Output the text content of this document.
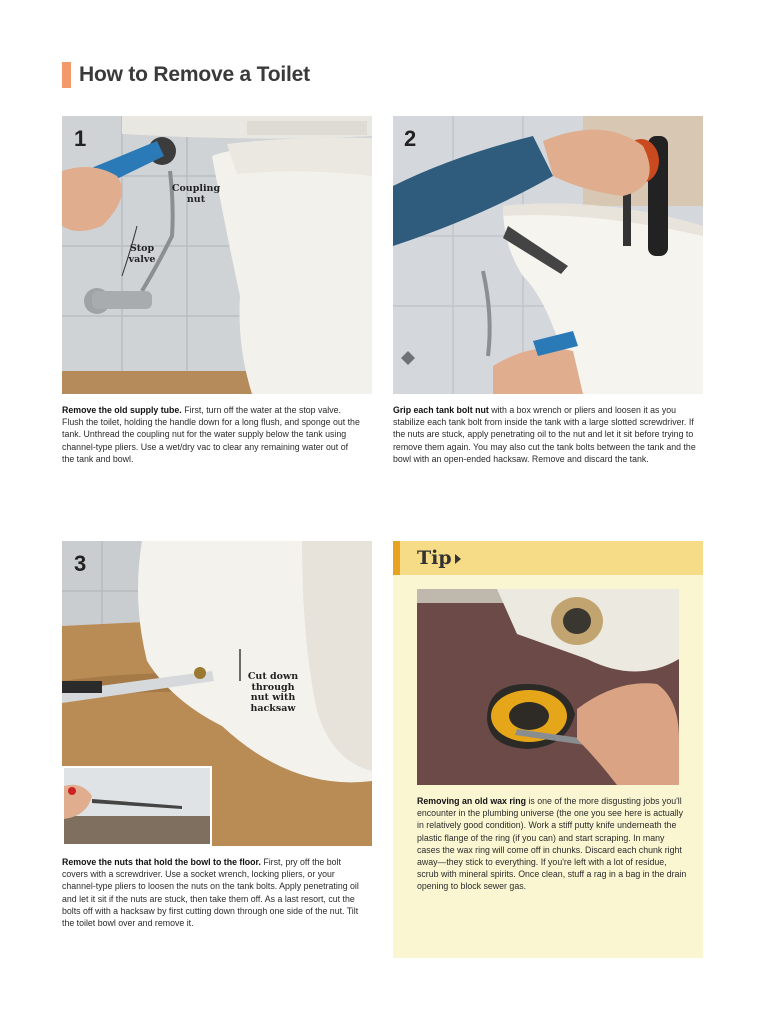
How to Remove a Toilet
1
Coupling nut
Stop valve
2

Remove the old supply tube. First, turn off the water at the stop valve. Flush the toilet, holding the handle down for a long flush, and sponge out the tank. Unthread the coupling nut for the water supply below the tank using channel-type pliers. Use a wet/dry vac to clear any remaining water out of the tank and bowl.

Grip each tank bolt nut with a box wrench or pliers and loosen it as you stabilize each tank bolt from inside the tank with a large slotted screwdriver. If the nuts are stuck, apply penetrating oil to the nut and let it sit before trying to remove them again. You may also cut the tank bolts between the tank and the bowl with an open-ended hacksaw. Remove and discard the tank.

3
Cut down through nut with hacksaw

Remove the nuts that hold the bowl to the floor. First, pry off the bolt covers with a screwdriver. Use a socket wrench, locking pliers, or your channel-type pliers to loosen the nuts on the tank bolts. Apply penetrating oil and let it sit if the nuts are stuck, then take them off. As a last resort, cut the bolts off with a hacksaw by first cutting down through one side of the nut. Tilt the toilet bowl over and remove it.

Tip

Removing an old wax ring is one of the more disgusting jobs you'll encounter in the plumbing universe (the one you see here is actually in relatively good condition). Work a stiff putty knife underneath the plastic flange of the ring (if you can) and start scraping. In many cases the wax ring will come off in chunks. Discard each chunk right away—they stick to everything. If you're left with a lot of residue, scrub with mineral spirits. Once clean, stuff a rag in a bag in the drain opening to block sewer gas.
